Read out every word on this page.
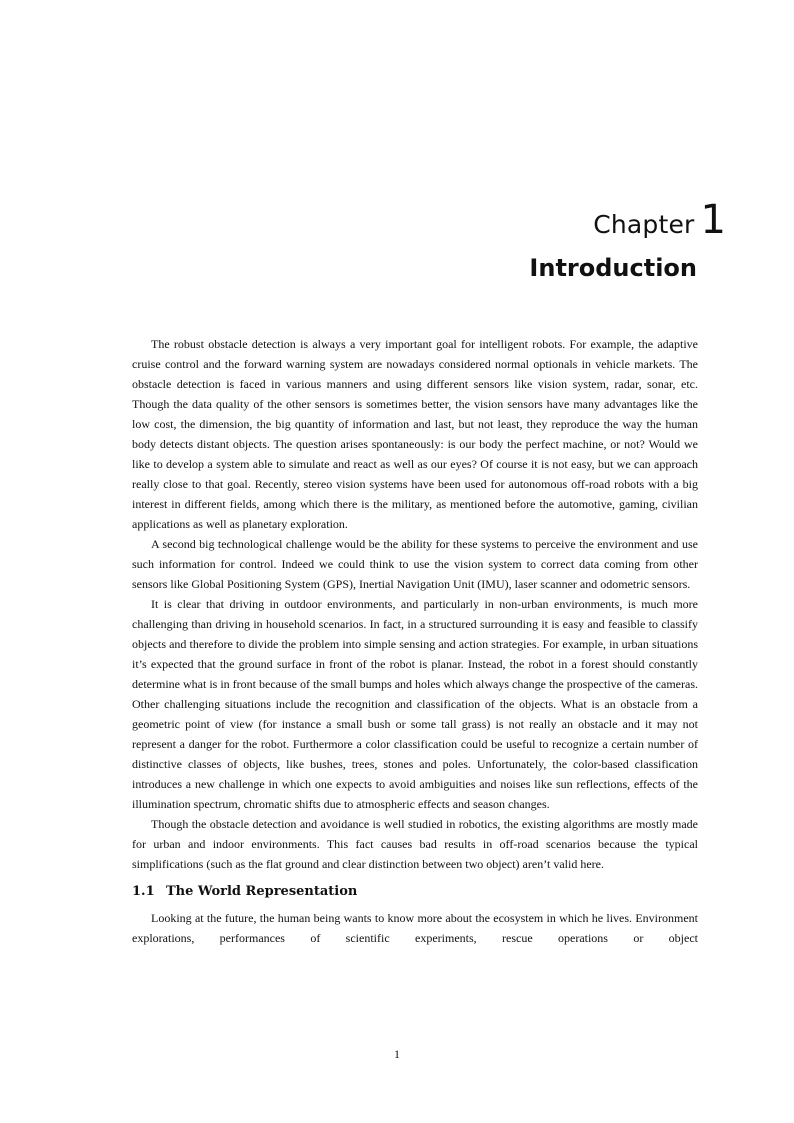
Chapter 1
Introduction

The robust obstacle detection is always a very important goal for intelligent robots. For example, the adaptive cruise control and the forward warning system are nowadays considered normal optionals in vehicle markets. The obstacle detection is faced in various manners and using different sensors like vision system, radar, sonar, etc. Though the data quality of the other sensors is sometimes better, the vision sensors have many advantages like the low cost, the dimension, the big quantity of information and last, but not least, they reproduce the way the human body detects distant objects. The question arises spontaneously: is our body the perfect machine, or not? Would we like to develop a system able to simulate and react as well as our eyes? Of course it is not easy, but we can approach really close to that goal. Recently, stereo vision systems have been used for autonomous off-road robots with a big interest in different fields, among which there is the military, as mentioned before the automotive, gaming, civilian applications as well as planetary exploration.

A second big technological challenge would be the ability for these systems to perceive the environment and use such information for control. Indeed we could think to use the vision system to correct data coming from other sensors like Global Positioning System (GPS), Inertial Navigation Unit (IMU), laser scanner and odometric sensors.

It is clear that driving in outdoor environments, and particularly in non-urban environments, is much more challenging than driving in household scenarios. In fact, in a structured surrounding it is easy and feasible to classify objects and therefore to divide the problem into simple sensing and action strategies. For example, in urban situations it’s expected that the ground surface in front of the robot is planar. Instead, the robot in a forest should constantly determine what is in front because of the small bumps and holes which always change the prospective of the cameras. Other challenging situations include the recognition and classification of the objects. What is an obstacle from a geometric point of view (for instance a small bush or some tall grass) is not really an obstacle and it may not represent a danger for the robot. Furthermore a color classification could be useful to recognize a certain number of distinctive classes of objects, like bushes, trees, stones and poles. Unfortunately, the color-based classification introduces a new challenge in which one expects to avoid ambiguities and noises like sun reflections, effects of the illumination spectrum, chromatic shifts due to atmospheric effects and season changes.

Though the obstacle detection and avoidance is well studied in robotics, the existing algorithms are mostly made for urban and indoor environments. This fact causes bad results in off-road scenarios because the typical simplifications (such as the flat ground and clear distinction between two object) aren’t valid here.

1.1 The World Representation

Looking at the future, the human being wants to know more about the ecosystem in which he lives. Environment explorations, performances of scientific experiments, rescue operations or object

1
